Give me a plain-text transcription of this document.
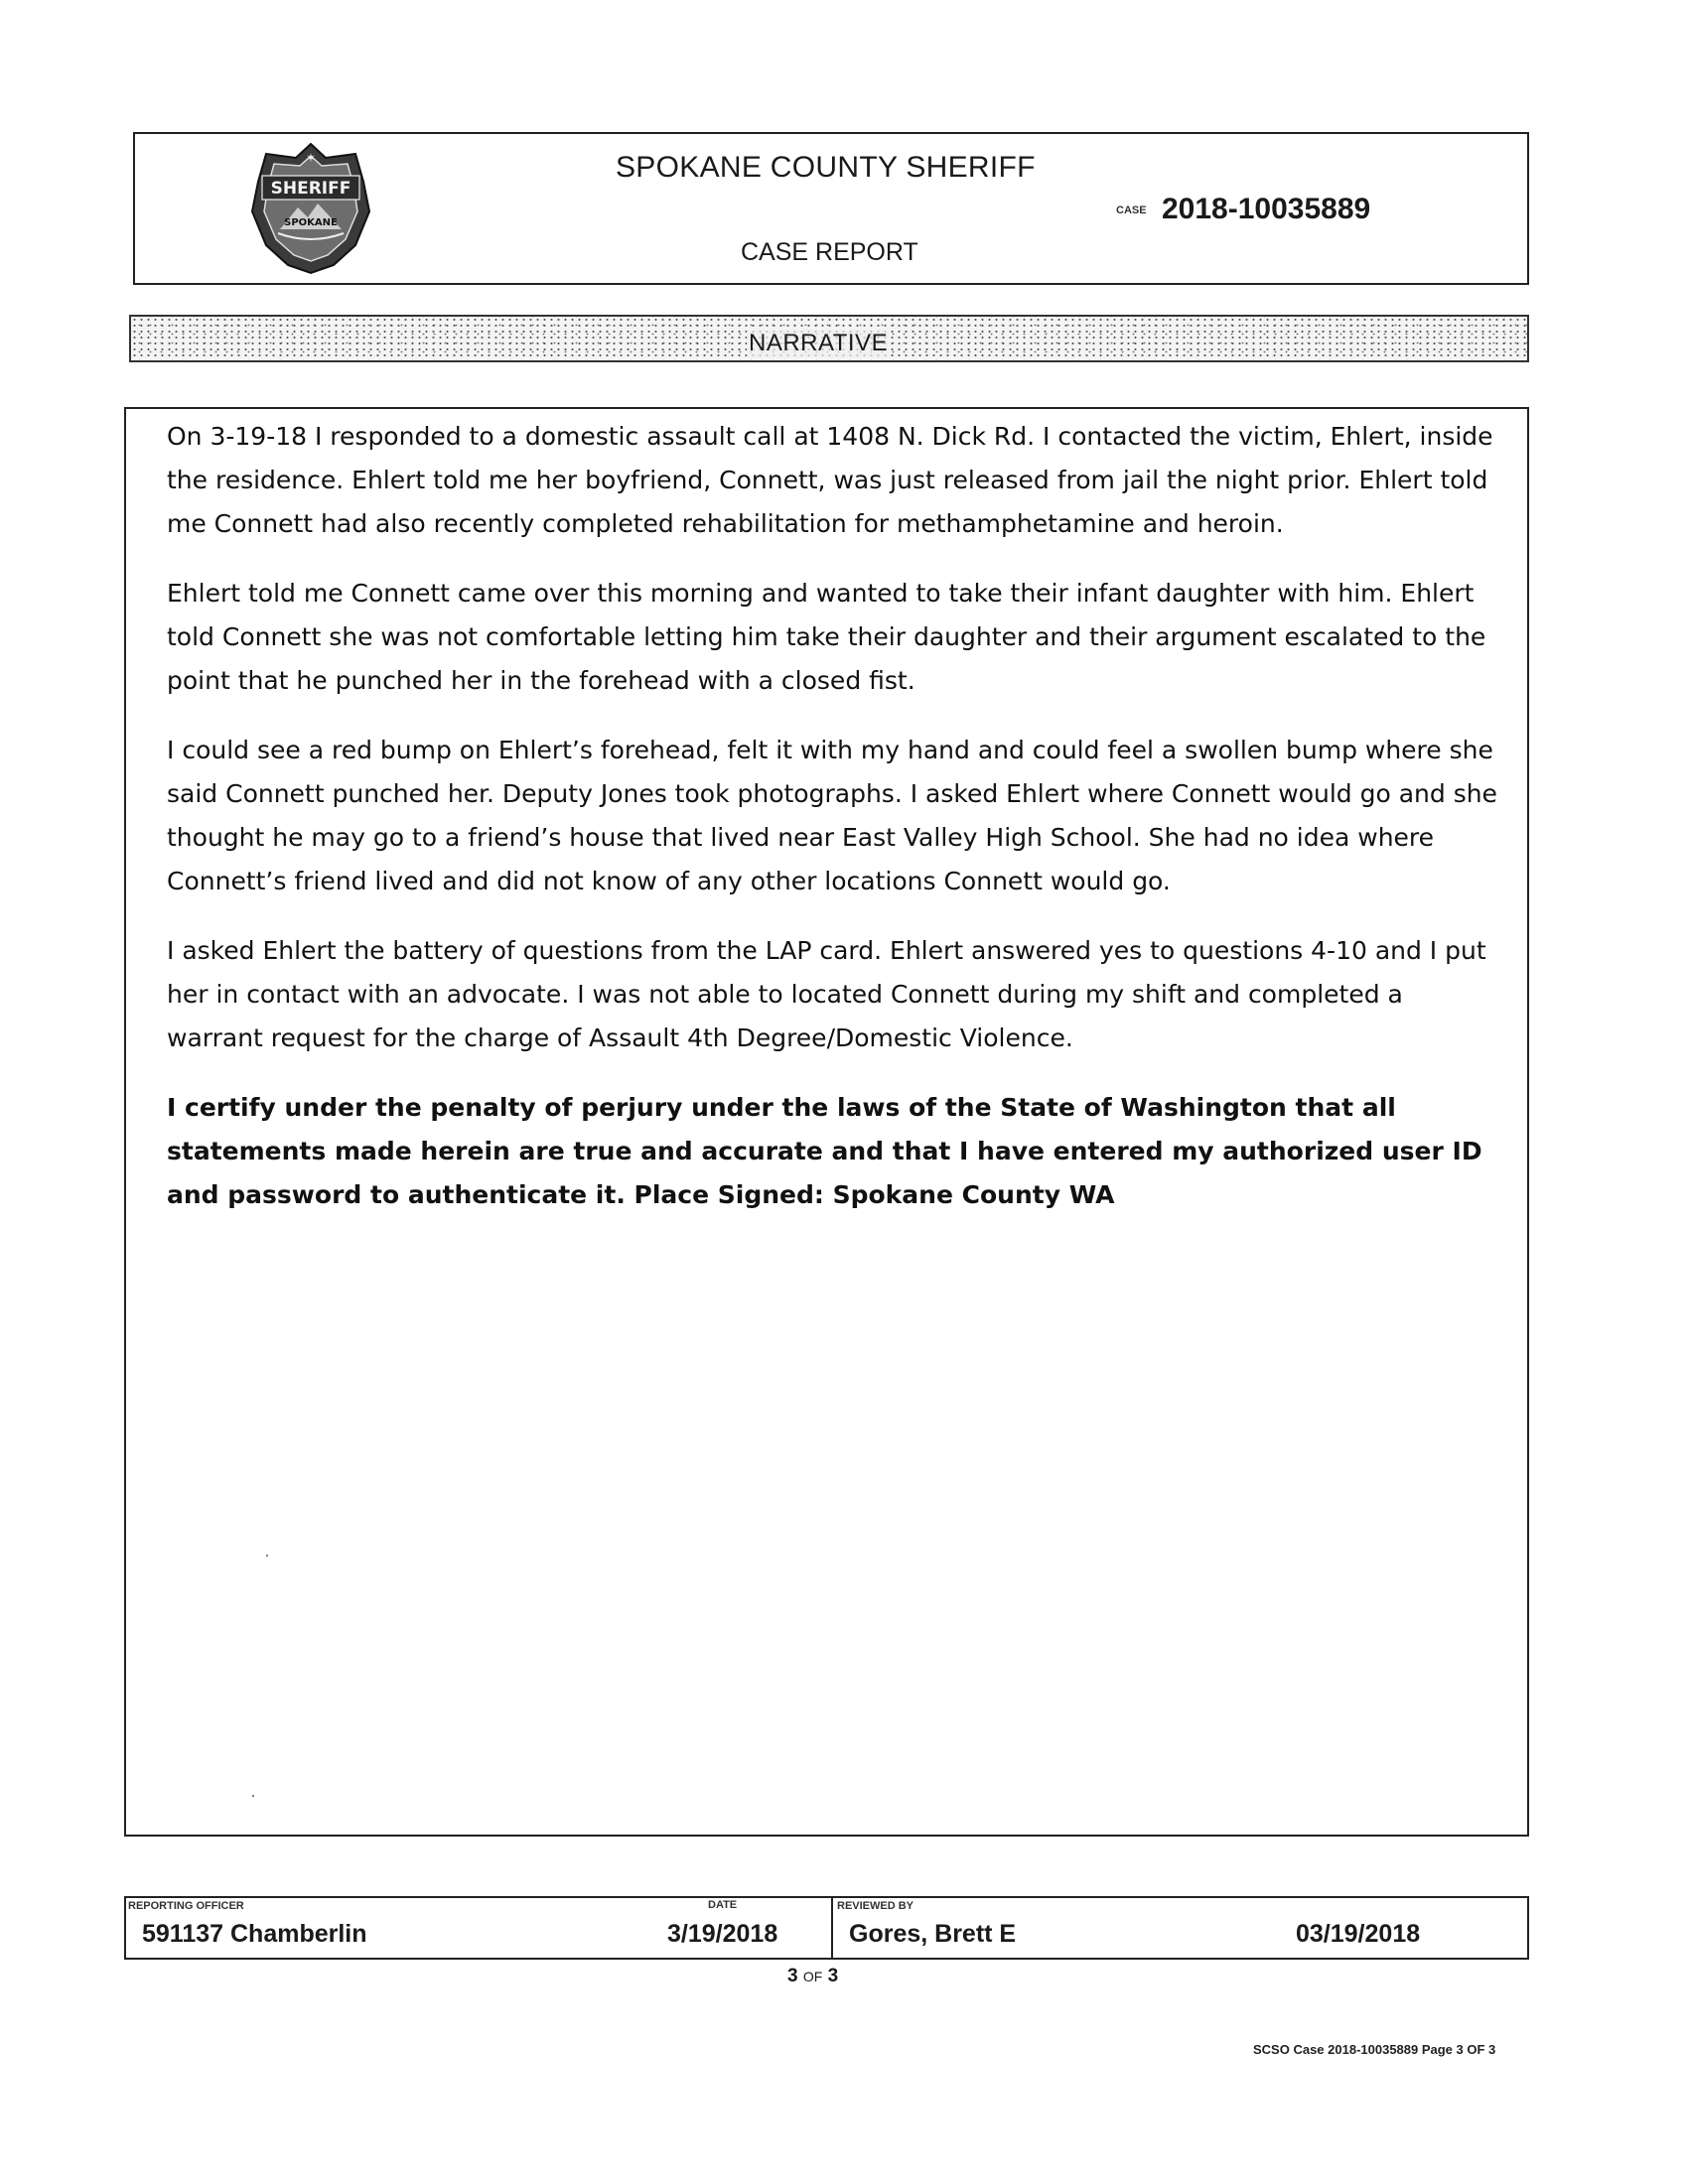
✶
SHERIFF
SPOKANE
SPOKANE COUNTY SHERIFF
CASE 2018-10035889
CASE REPORT
NARRATIVE

On 3-19-18 I responded to a domestic assault call at 1408 N. Dick Rd. I contacted the victim, Ehlert, inside the residence. Ehlert told me her boyfriend, Connett, was just released from jail the night prior. Ehlert told me Connett had also recently completed rehabilitation for methamphetamine and heroin.

Ehlert told me Connett came over this morning and wanted to take their infant daughter with him. Ehlert told Connett she was not comfortable letting him take their daughter and their argument escalated to the point that he punched her in the forehead with a closed fist.

I could see a red bump on Ehlert’s forehead, felt it with my hand and could feel a swollen bump where she said Connett punched her. Deputy Jones took photographs. I asked Ehlert where Connett would go and she thought he may go to a friend’s house that lived near East Valley High School. She had no idea where Connett’s friend lived and did not know of any other locations Connett would go.

I asked Ehlert the battery of questions from the LAP card. Ehlert answered yes to questions 4-10 and I put her in contact with an advocate. I was not able to located Connett during my shift and completed a warrant request for the charge of Assault 4th Degree/Domestic Violence.

I certify under the penalty of perjury under the laws of the State of Washington that all statements made herein are true and accurate and that I have entered my authorized user ID and password to authenticate it. Place Signed: Spokane County WA

REPORTING OFFICER	DATE	REVIEWED BY
591137 Chamberlin	3/19/2018	Gores, Brett E	03/19/2018
3 OF 3
SCSO Case 2018-10035889 Page 3 OF 3
